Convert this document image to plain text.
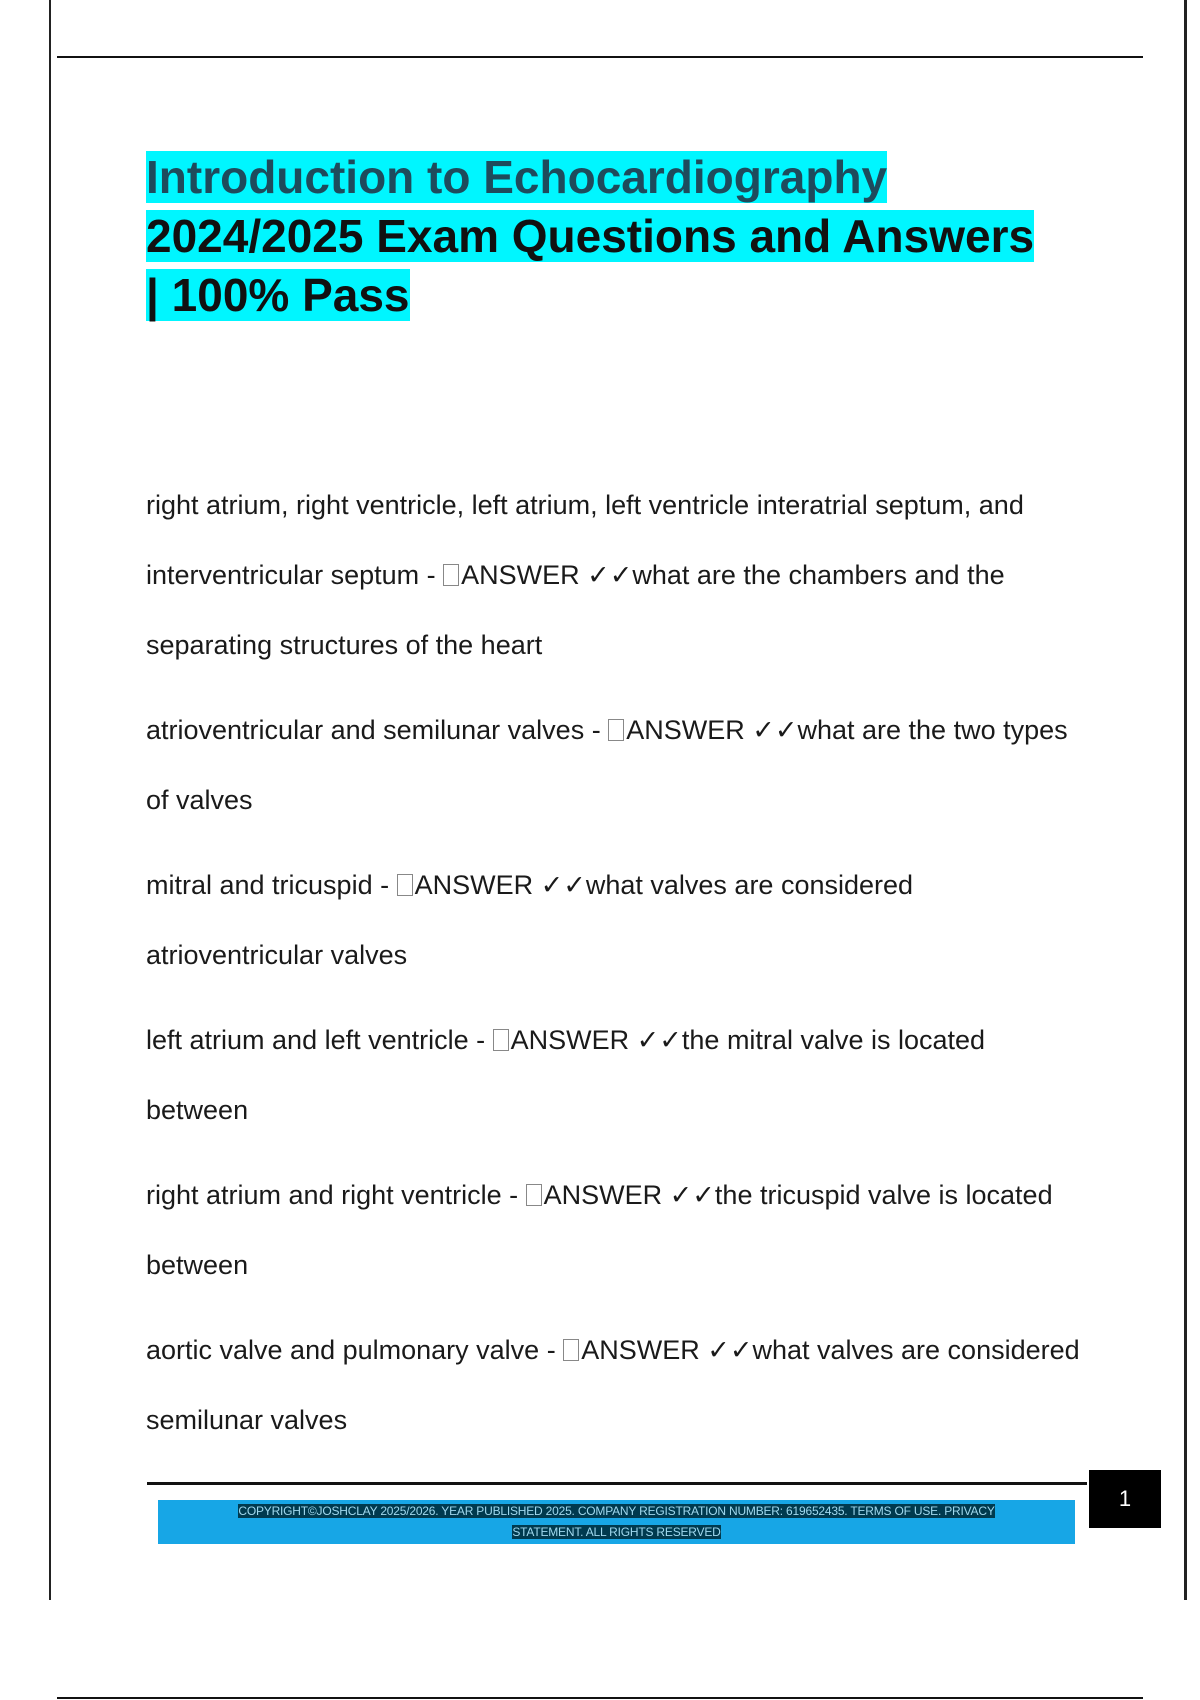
Introduction to Echocardiography
2024/2025 Exam Questions and Answers
| 100% Pass
right atrium, right ventricle, left atrium, left ventricle interatrial septum, and interventricular septum - ANSWER ✓✓what are the chambers and the separating structures of the heart
atrioventricular and semilunar valves - ANSWER ✓✓what are the two types of valves
mitral and tricuspid - ANSWER ✓✓what valves are considered atrioventricular valves
left atrium and left ventricle - ANSWER ✓✓the mitral valve is located between
right atrium and right ventricle - ANSWER ✓✓the tricuspid valve is located between
aortic valve and pulmonary valve - ANSWER ✓✓what valves are considered semilunar valves
1
COPYRIGHT©JOSHCLAY 2025/2026. YEAR PUBLISHED 2025. COMPANY REGISTRATION NUMBER: 619652435. TERMS OF USE. PRIVACY
STATEMENT. ALL RIGHTS RESERVED
